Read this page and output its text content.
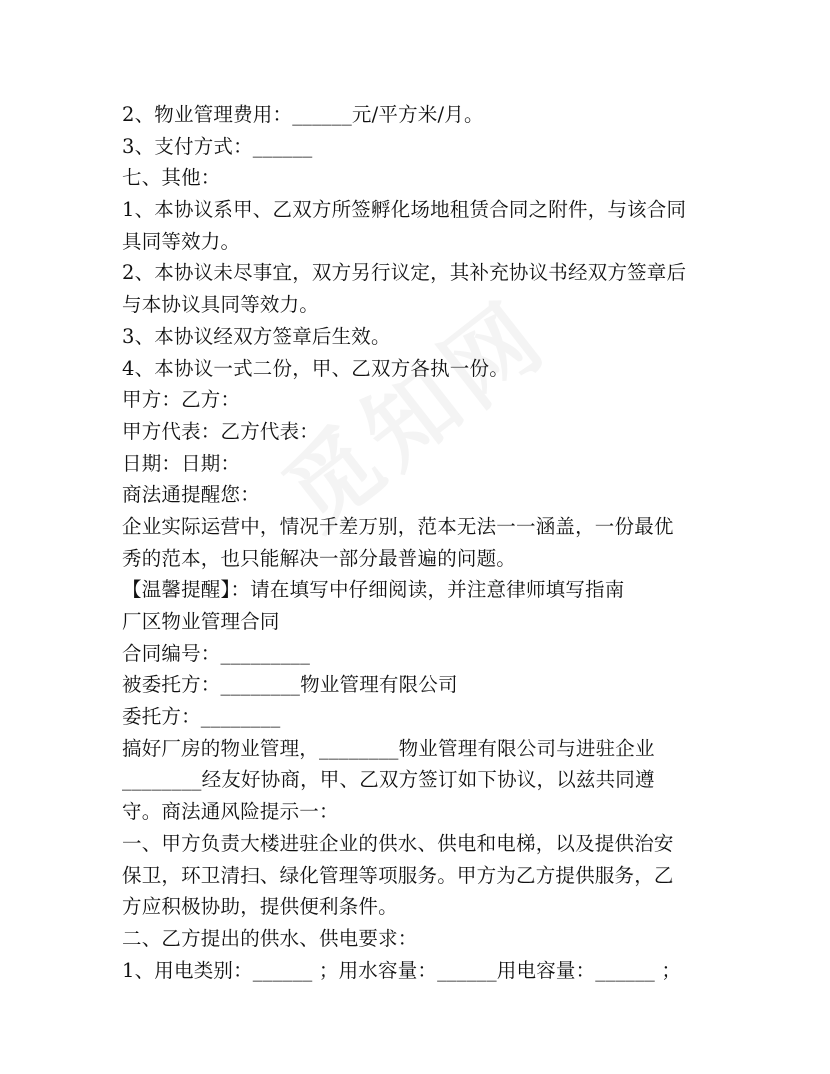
2、物业管理费用：______元/平方米/月。
3、支付方式：______
七、其他：
1、本协议系甲、乙双方所签孵化场地租赁合同之附件，与该合同
具同等效力。
2、本协议未尽事宜，双方另行议定，其补充协议书经双方签章后
与本协议具同等效力。
3、本协议经双方签章后生效。
4、本协议一式二份，甲、乙双方各执一份。
甲方：乙方：
甲方代表：乙方代表：
日期：日期：
商法通提醒您：
企业实际运营中，情况千差万别，范本无法一一涵盖，一份最优
秀的范本，也只能解决一部分最普遍的问题。
【温馨提醒】：请在填写中仔细阅读，并注意律师填写指南
厂区物业管理合同
合同编号：_________
被委托方：________物业管理有限公司
委托方：________
搞好厂房的物业管理，________物业管理有限公司与进驻企业
________经友好协商，甲、乙双方签订如下协议，以兹共同遵
守。商法通风险提示一：
一、甲方负责大楼进驻企业的供水、供电和电梯，以及提供治安
保卫，环卫清扫、绿化管理等项服务。甲方为乙方提供服务，乙
方应积极协助，提供便利条件。
二、乙方提出的供水、供电要求：
1、用电类别：______ ；用水容量：______用电容量：______ ；
